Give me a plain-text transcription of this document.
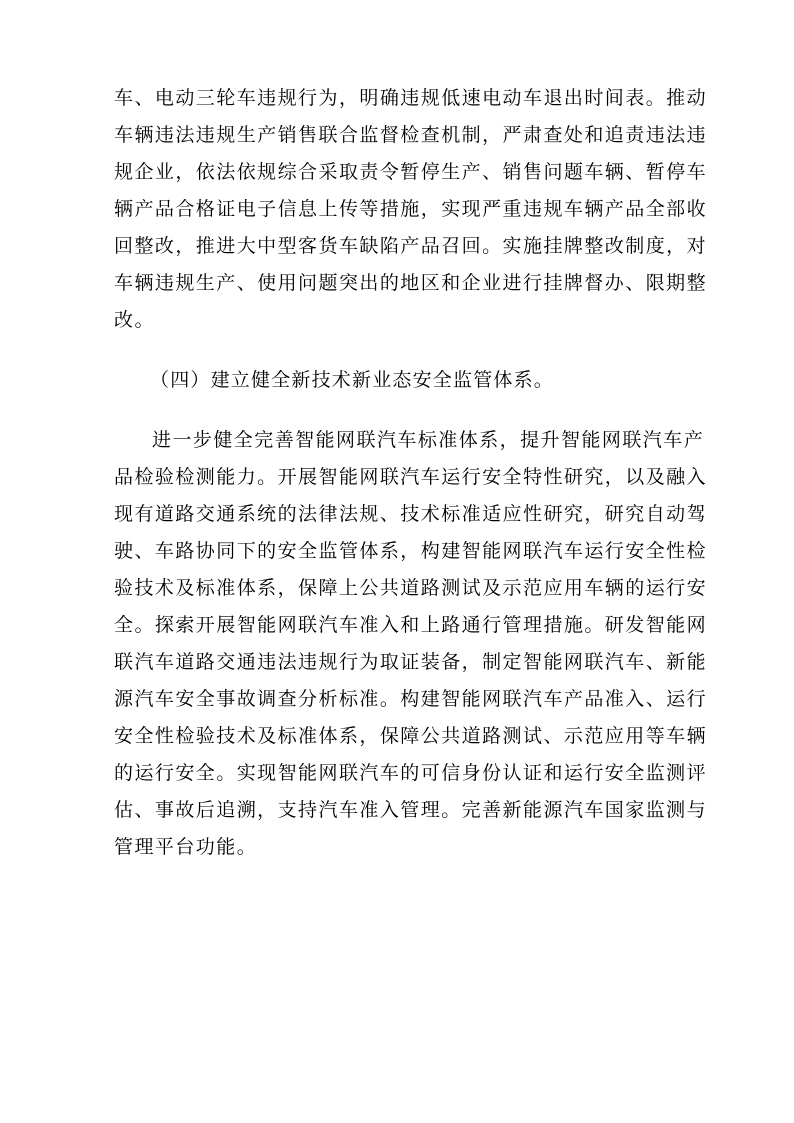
车、电动三轮车违规行为，明确违规低速电动车退出时间表。推动
车辆违法违规生产销售联合监督检查机制，严肃查处和追责违法违
规企业，依法依规综合采取责令暂停生产、销售问题车辆、暂停车
辆产品合格证电子信息上传等措施，实现严重违规车辆产品全部收
回整改，推进大中型客货车缺陷产品召回。实施挂牌整改制度，对
车辆违规生产、使用问题突出的地区和企业进行挂牌督办、限期整
改。
（四）建立健全新技术新业态安全监管体系。
进一步健全完善智能网联汽车标准体系，提升智能网联汽车产
品检验检测能力。开展智能网联汽车运行安全特性研究，以及融入
现有道路交通系统的法律法规、技术标准适应性研究，研究自动驾
驶、车路协同下的安全监管体系，构建智能网联汽车运行安全性检
验技术及标准体系，保障上公共道路测试及示范应用车辆的运行安
全。探索开展智能网联汽车准入和上路通行管理措施。研发智能网
联汽车道路交通违法违规行为取证装备，制定智能网联汽车、新能
源汽车安全事故调查分析标准。构建智能网联汽车产品准入、运行
安全性检验技术及标准体系，保障公共道路测试、示范应用等车辆
的运行安全。实现智能网联汽车的可信身份认证和运行安全监测评
估、事故后追溯，支持汽车准入管理。完善新能源汽车国家监测与
管理平台功能。
